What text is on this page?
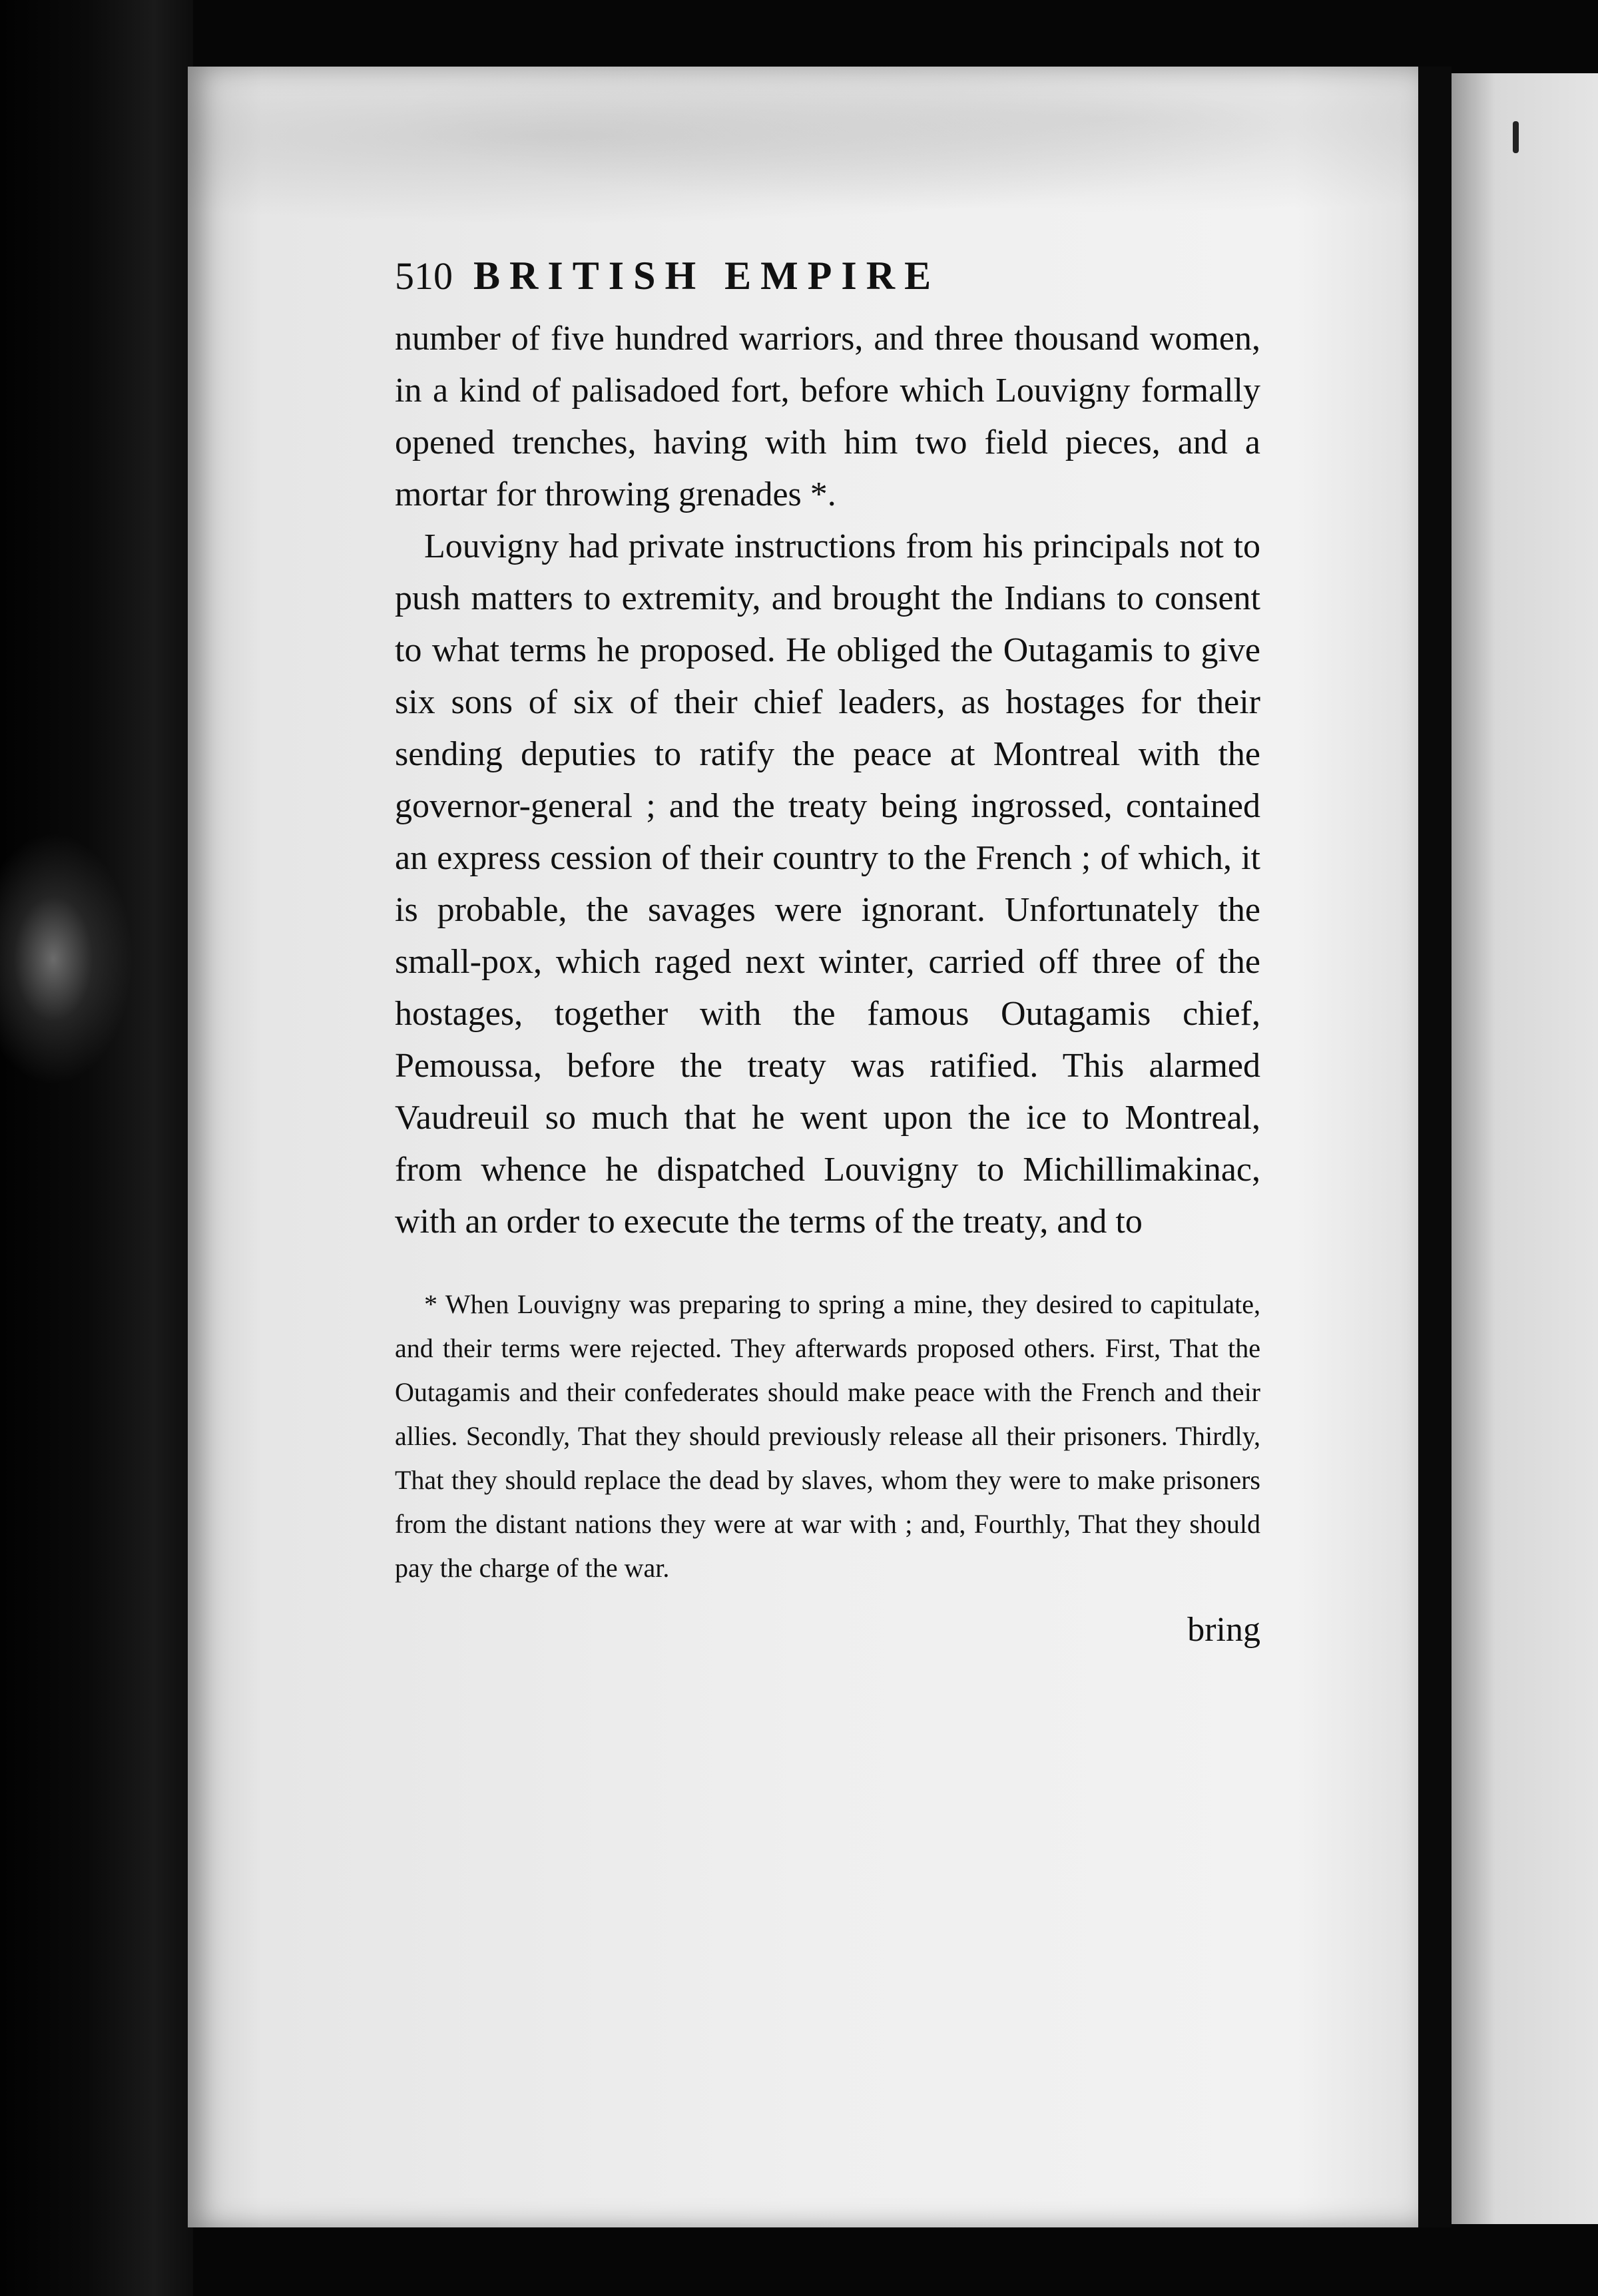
510 BRITISH EMPIRE

number of five hundred warriors, and three thousand women, in a kind of palisadoed fort, before which Louvigny formally opened trenches, having with him two field pieces, and a mortar for throwing grenades *.

Louvigny had private instructions from his principals not to push matters to extremity, and brought the Indians to consent to what terms he proposed. He obliged the Outagamis to give six sons of six of their chief leaders, as hostages for their sending deputies to ratify the peace at Montreal with the governor-general ; and the treaty being ingrossed, contained an express cession of their country to the French ; of which, it is probable, the savages were ignorant. Unfortunately the small-pox, which raged next winter, carried off three of the hostages, together with the famous Outagamis chief, Pemoussa, before the treaty was ratified. This alarmed Vaudreuil so much that he went upon the ice to Montreal, from whence he dispatched Louvigny to Michillimakinac, with an order to execute the terms of the treaty, and to

* When Louvigny was preparing to spring a mine, they desired to capitulate, and their terms were rejected. They afterwards proposed others. First, That the Outagamis and their confederates should make peace with the French and their allies. Secondly, That they should previously release all their prisoners. Thirdly, That they should replace the dead by slaves, whom they were to make prisoners from the distant nations they were at war with ; and, Fourthly, That they should pay the charge of the war.

bring
